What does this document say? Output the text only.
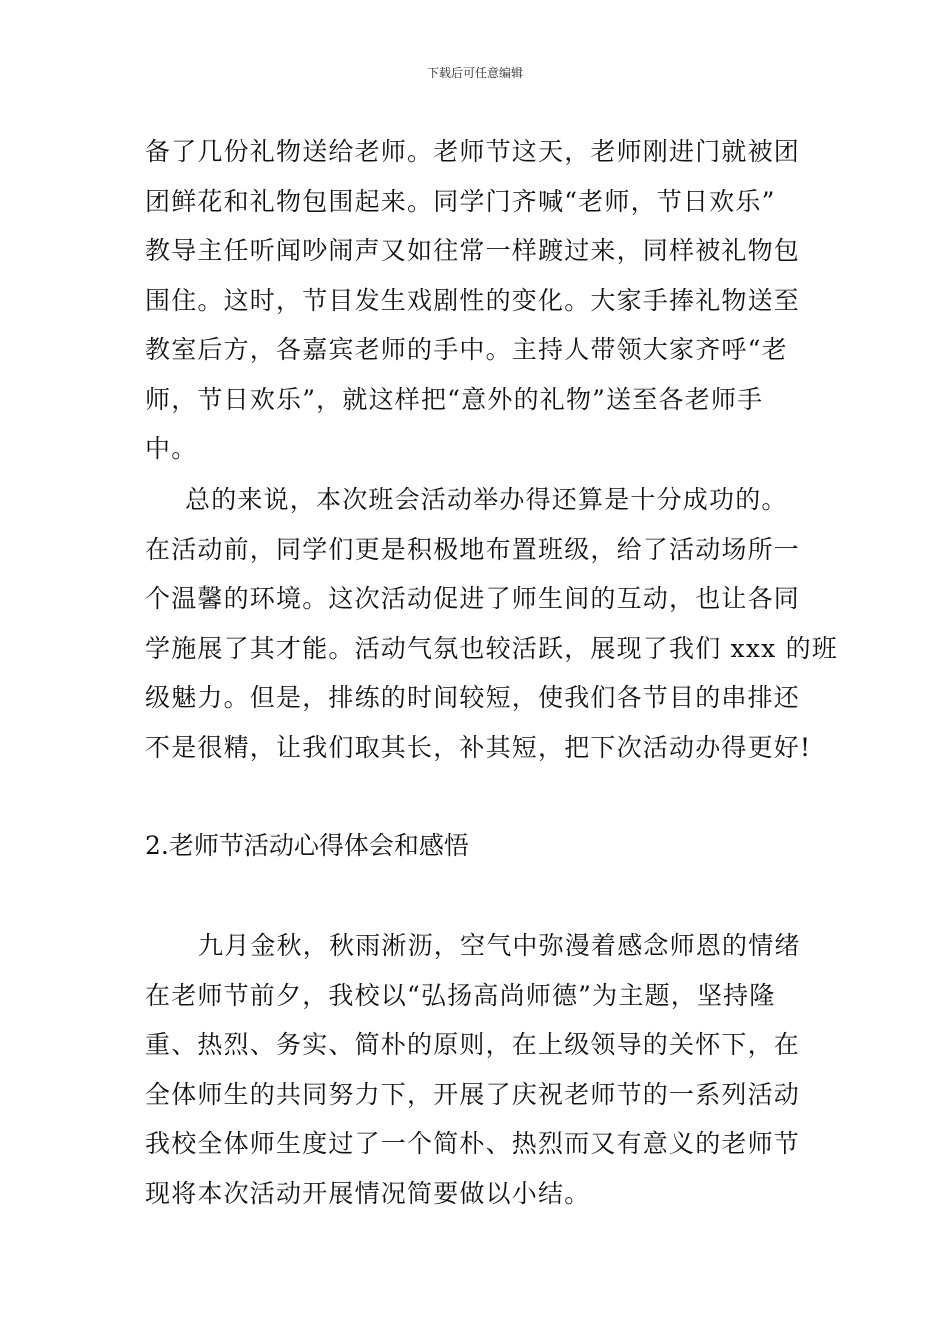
下载后可任意编辑

备了几份礼物送给老师。老师节这天，老师刚进门就被团
团鲜花和礼物包围起来。同学门齐喊“老师，节日欢乐”
教导主任听闻吵闹声又如往常一样踱过来，同样被礼物包
围住。这时，节目发生戏剧性的变化。大家手捧礼物送至
教室后方，各嘉宾老师的手中。主持人带领大家齐呼“老
师，节日欢乐”，就这样把“意外的礼物”送至各老师手
中。

总的来说，本次班会活动举办得还算是十分成功的。
在活动前，同学们更是积极地布置班级，给了活动场所一
个温馨的环境。这次活动促进了师生间的互动，也让各同
学施展了其才能。活动气氛也较活跃，展现了我们 xxx 的班
级魅力。但是，排练的时间较短，使我们各节目的串排还
不是很精，让我们取其长，补其短，把下次活动办得更好!

2.老师节活动心得体会和感悟

九月金秋，秋雨淅沥，空气中弥漫着感念师恩的情绪
在老师节前夕，我校以“弘扬高尚师德”为主题，坚持隆
重、热烈、务实、简朴的原则，在上级领导的关怀下，在
全体师生的共同努力下，开展了庆祝老师节的一系列活动
我校全体师生度过了一个简朴、热烈而又有意义的老师节
现将本次活动开展情况简要做以小结。
